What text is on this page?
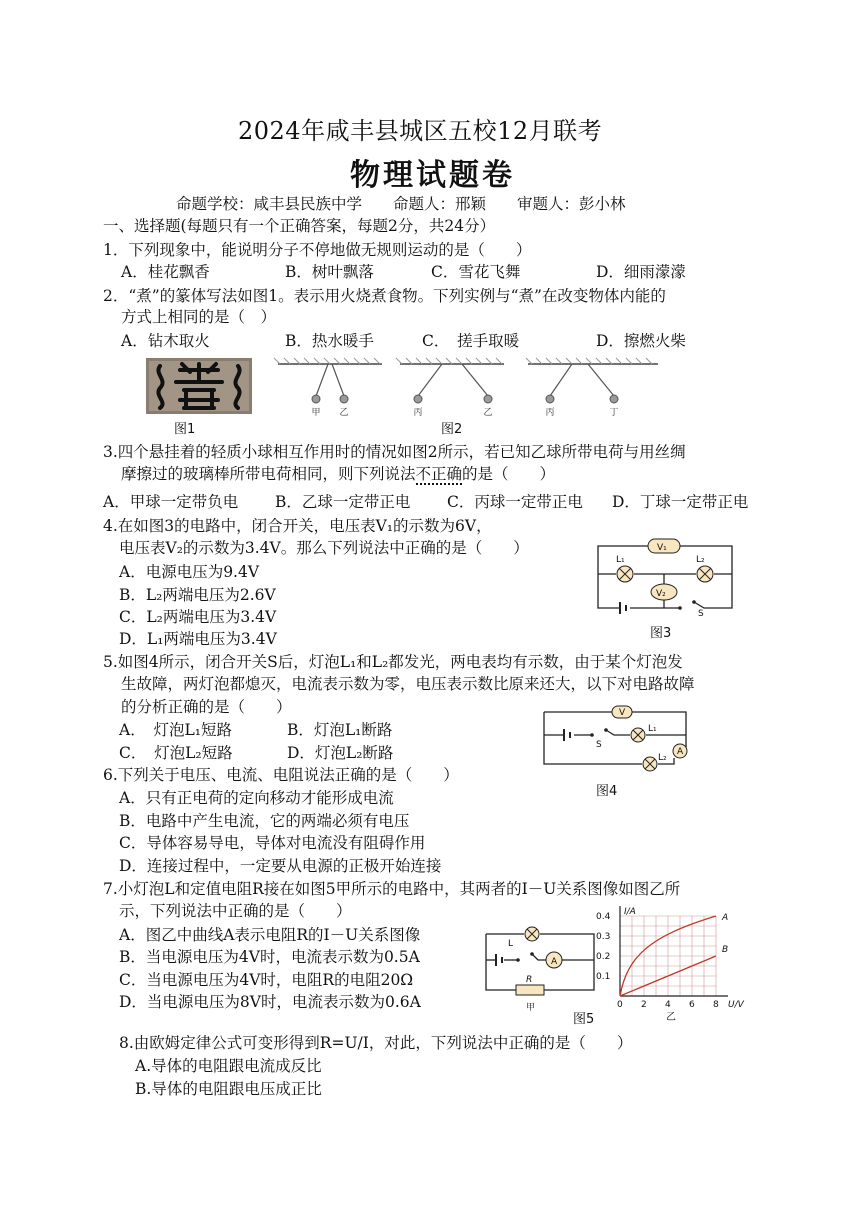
2024年咸丰县城区五校12月联考
物理试题卷
命题学校：咸丰县民族中学　　命题人：邢颖　　审题人：彭小林
一、选择题(每题只有一个正确答案，每题2分，共24分）
1．下列现象中，能说明分子不停地做无规则运动的是（　　）
A．桂花飘香	B．树叶飘落	C．雪花飞舞	D．细雨濛濛
2．“煮”的篆体写法如图1。表示用火烧煮食物。下列实例与“煮”在改变物体内能的
方式上相同的是（　）
A．钻木取火	B．热水暖手	C．　搓手取暖	D．擦燃火柴
图1
甲 乙	丙	乙	丙	丁
图2
3.四个悬挂着的轻质小球相互作用时的情况如图2所示，若已知乙球所带电荷与用丝绸
摩擦过的玻璃棒所带电荷相同，则下列说法不正确的是（　　）
A．甲球一定带负电 B．乙球一定带正电 C．丙球一定带正电 D．丁球一定带正电
4.在如图3的电路中，闭合开关，电压表V₁的示数为6V，
电压表V₂的示数为3.4V。那么下列说法中正确的是（　　）
A．电源电压为9.4V
B．L₂两端电压为2.6V
C．L₂两端电压为3.4V
D．L₁两端电压为3.4V
V₁
V₂
L₁	L₂
S
图3
5.如图4所示，闭合开关S后，灯泡L₁和L₂都发光，两电表均有示数，由于某个灯泡发
生故障，两灯泡都熄灭，电流表示数为零，电压表示数比原来还大，以下对电路故障
的分析正确的是（　　）
A．　灯泡L₁短路	B．灯泡L₁断路
C．　灯泡L₂短路	D．灯泡L₂断路
V
A
L₁
L₂
S
图4
6.下列关于电压、电流、电阻说法正确的是（　　）
A．只有正电荷的定向移动才能形成电流
B．电路中产生电流，它的两端必须有电压
C．导体容易导电，导体对电流没有阻碍作用
D．连接过程中，一定要从电源的正极开始连接
7.小灯泡L和定值电阻R接在如图5甲所示的电路中，其两者的I－U关系图像如图乙所
示，下列说法中正确的是（　　）
A．图乙中曲线A表示电阻R的I－U关系图像
B．当电源电压为4V时，电流表示数为0.5A
C．当电源电压为4V时，电阻R的电阻20Ω
D．当电源电压为8V时，电流表示数为0.6A
L
A
R
甲
0.4
0.3
0.2
0.1
0 2 4 6 8
I/A
U/V
A
B
乙
图5
8.由欧姆定律公式可变形得到R=U/I，对此，下列说法中正确的是（　　）
A.导体的电阻跟电流成反比
B.导体的电阻跟电压成正比
